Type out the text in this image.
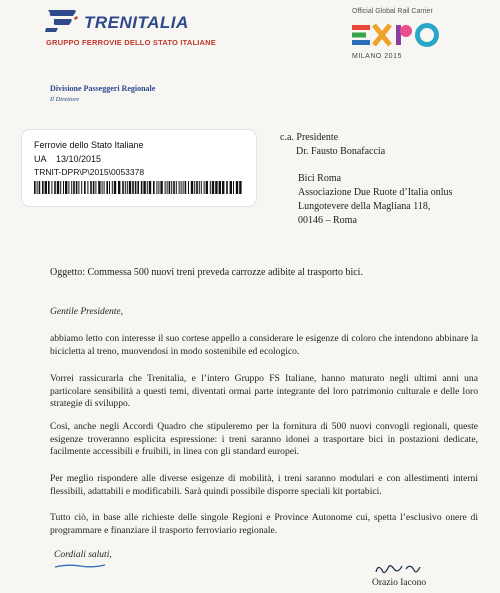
TRENITALIA
GRUPPO FERROVIE DELLO STATO ITALIANE
Official Global Rail Carrier
MILANO 2015
Divisione Passeggeri Regionale
Il Direttore
Ferrovie dello Stato Italiane
UA    13/10/2015
TRNIT-DPR\P\2015\0053378
c.a. Presidente
Dr. Fausto Bonafaccia
Bici Roma
Associazione Due Ruote d’Italia onlus
Lungotevere della Magliana 118,
00146 – Roma
Oggetto: Commessa 500 nuovi treni preveda carrozze adibite al trasporto bici.
Gentile Presidente,
abbiamo letto con interesse il suo cortese appello a considerare le esigenze di coloro che intendono abbinare la bicicletta al treno, muovendosi in modo sostenibile ed ecologico.
Vorrei rassicurarla che Trenitalia, e l’intero Gruppo FS Italiane, hanno maturato negli ultimi anni una particolare sensibilità a questi temi, diventati ormai parte integrante del loro patrimonio culturale e delle loro strategie di sviluppo.
Così, anche negli Accordi Quadro che stipuleremo per la fornitura di 500 nuovi convogli regionali, queste esigenze troveranno esplicita espressione: i treni saranno idonei a trasportare bici in postazioni dedicate, facilmente accessibili e fruibili, in linea con gli standard europei.
Per meglio rispondere alle diverse esigenze di mobilità, i treni saranno modulari e con allestimenti interni flessibili, adattabili e modificabili. Sarà quindi possibile disporre speciali kit portabici.
Tutto ciò, in base alle richieste delle singole Regioni e Province Autonome cui, spetta l’esclusivo onere di programmare e finanziare il trasporto ferroviario regionale.
Cordiali saluti,
Orazio Iacono
